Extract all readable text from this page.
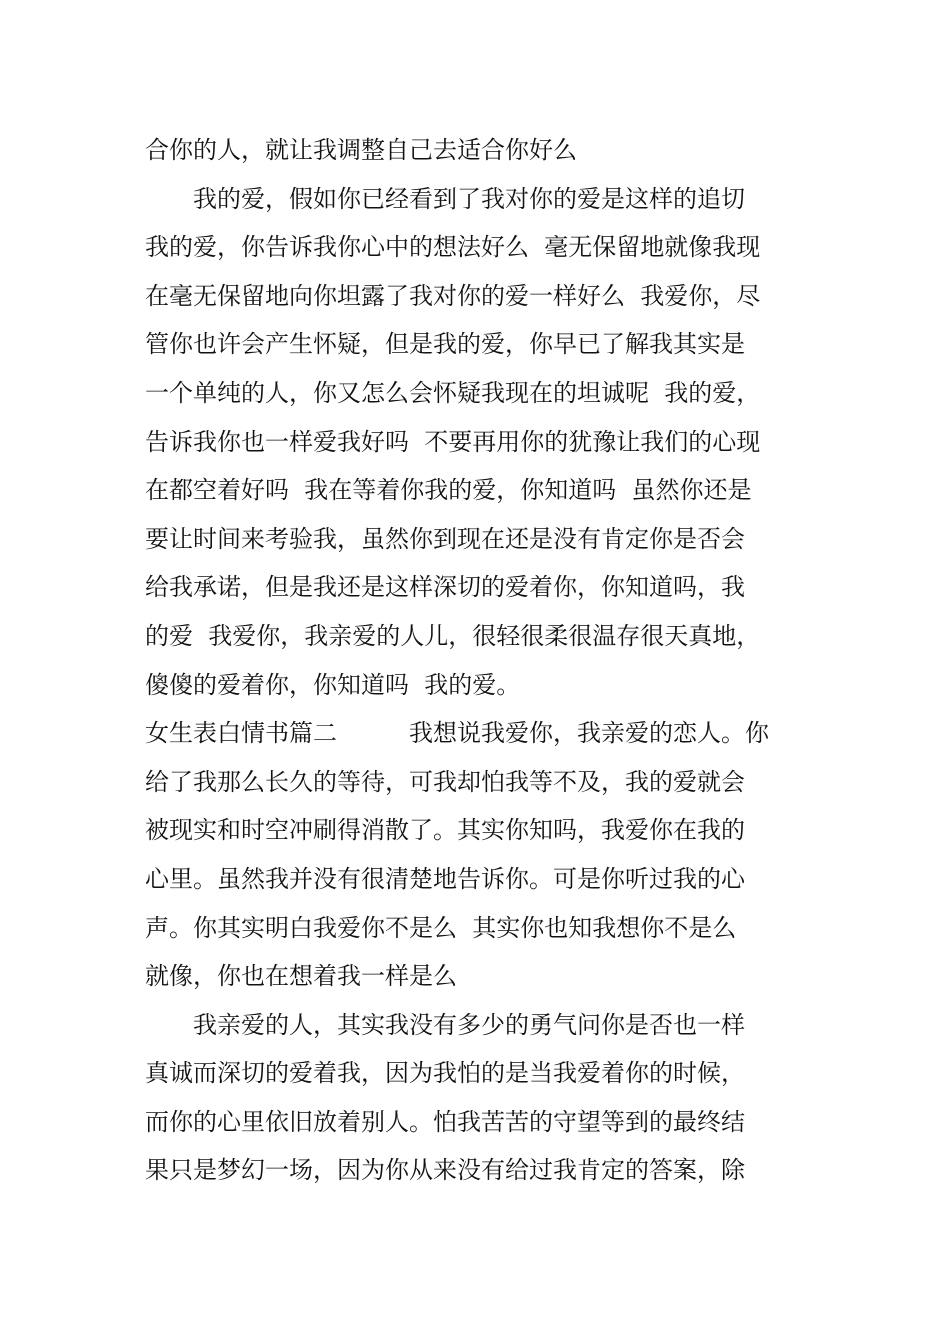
合你的人，就让我调整自己去适合你好么
　　我的爱，假如你已经看到了我对你的爱是这样的追切
我的爱，你告诉我你心中的想法好么  毫无保留地就像我现
在毫无保留地向你坦露了我对你的爱一样好么  我爱你，尽
管你也许会产生怀疑，但是我的爱，你早已了解我其实是
一个单纯的人，你又怎么会怀疑我现在的坦诚呢  我的爱，
告诉我你也一样爱我好吗  不要再用你的犹豫让我们的心现
在都空着好吗  我在等着你我的爱，你知道吗  虽然你还是
要让时间来考验我，虽然你到现在还是没有肯定你是否会
给我承诺，但是我还是这样深切的爱着你，你知道吗，我
的爱  我爱你，我亲爱的人儿，很轻很柔很温存很天真地，
傻傻的爱着你，你知道吗  我的爱。
女生表白情书篇二　　　我想说我爱你，我亲爱的恋人。你
给了我那么长久的等待，可我却怕我等不及，我的爱就会
被现实和时空冲刷得消散了。其实你知吗，我爱你在我的
心里。虽然我并没有很清楚地告诉你。可是你听过我的心
声。你其实明白我爱你不是么  其实你也知我想你不是么
就像，你也在想着我一样是么
　　我亲爱的人，其实我没有多少的勇气问你是否也一样
真诚而深切的爱着我，因为我怕的是当我爱着你的时候，
而你的心里依旧放着别人。怕我苦苦的守望等到的最终结
果只是梦幻一场，因为你从来没有给过我肯定的答案，除
